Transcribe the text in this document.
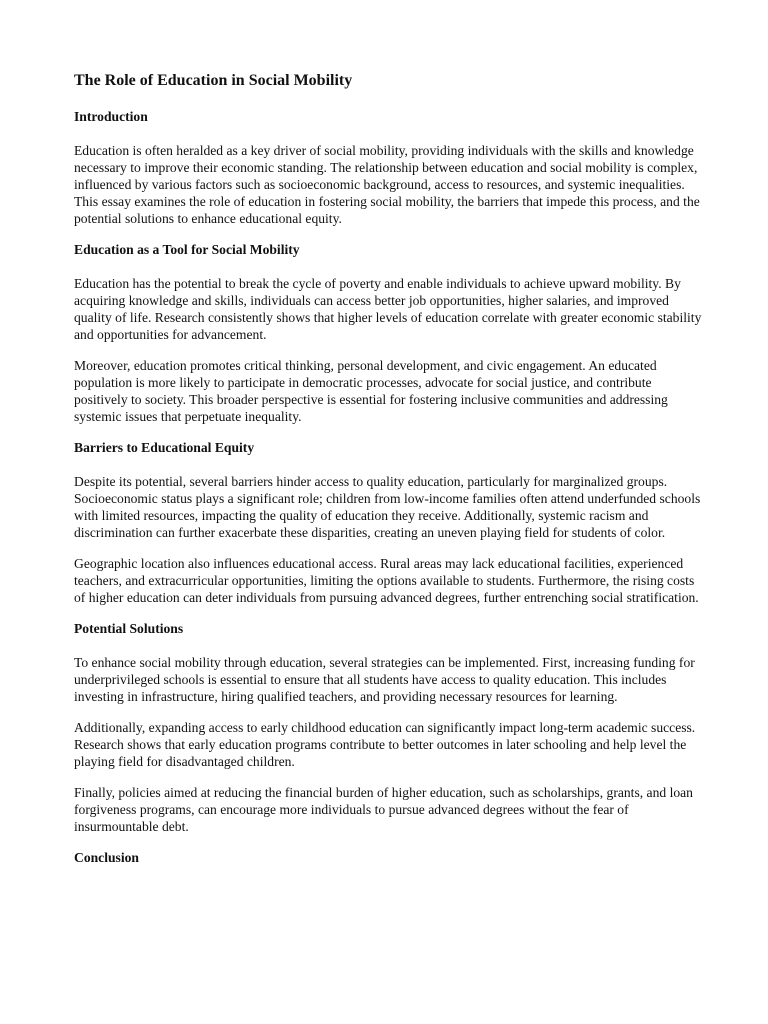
The Role of Education in Social Mobility
Introduction

Education is often heralded as a key driver of social mobility, providing individuals with the skills and knowledge necessary to improve their economic standing. The relationship between education and social mobility is complex, influenced by various factors such as socioeconomic background, access to resources, and systemic inequalities. This essay examines the role of education in fostering social mobility, the barriers that impede this process, and the potential solutions to enhance educational equity.

Education as a Tool for Social Mobility

Education has the potential to break the cycle of poverty and enable individuals to achieve upward mobility. By acquiring knowledge and skills, individuals can access better job opportunities, higher salaries, and improved quality of life. Research consistently shows that higher levels of education correlate with greater economic stability and opportunities for advancement.

Moreover, education promotes critical thinking, personal development, and civic engagement. An educated population is more likely to participate in democratic processes, advocate for social justice, and contribute positively to society. This broader perspective is essential for fostering inclusive communities and addressing systemic issues that perpetuate inequality.

Barriers to Educational Equity

Despite its potential, several barriers hinder access to quality education, particularly for marginalized groups. Socioeconomic status plays a significant role; children from low-income families often attend underfunded schools with limited resources, impacting the quality of education they receive. Additionally, systemic racism and discrimination can further exacerbate these disparities, creating an uneven playing field for students of color.

Geographic location also influences educational access. Rural areas may lack educational facilities, experienced teachers, and extracurricular opportunities, limiting the options available to students. Furthermore, the rising costs of higher education can deter individuals from pursuing advanced degrees, further entrenching social stratification.

Potential Solutions

To enhance social mobility through education, several strategies can be implemented. First, increasing funding for underprivileged schools is essential to ensure that all students have access to quality education. This includes investing in infrastructure, hiring qualified teachers, and providing necessary resources for learning.

Additionally, expanding access to early childhood education can significantly impact long-term academic success. Research shows that early education programs contribute to better outcomes in later schooling and help level the playing field for disadvantaged children.

Finally, policies aimed at reducing the financial burden of higher education, such as scholarships, grants, and loan forgiveness programs, can encourage more individuals to pursue advanced degrees without the fear of insurmountable debt.

Conclusion
